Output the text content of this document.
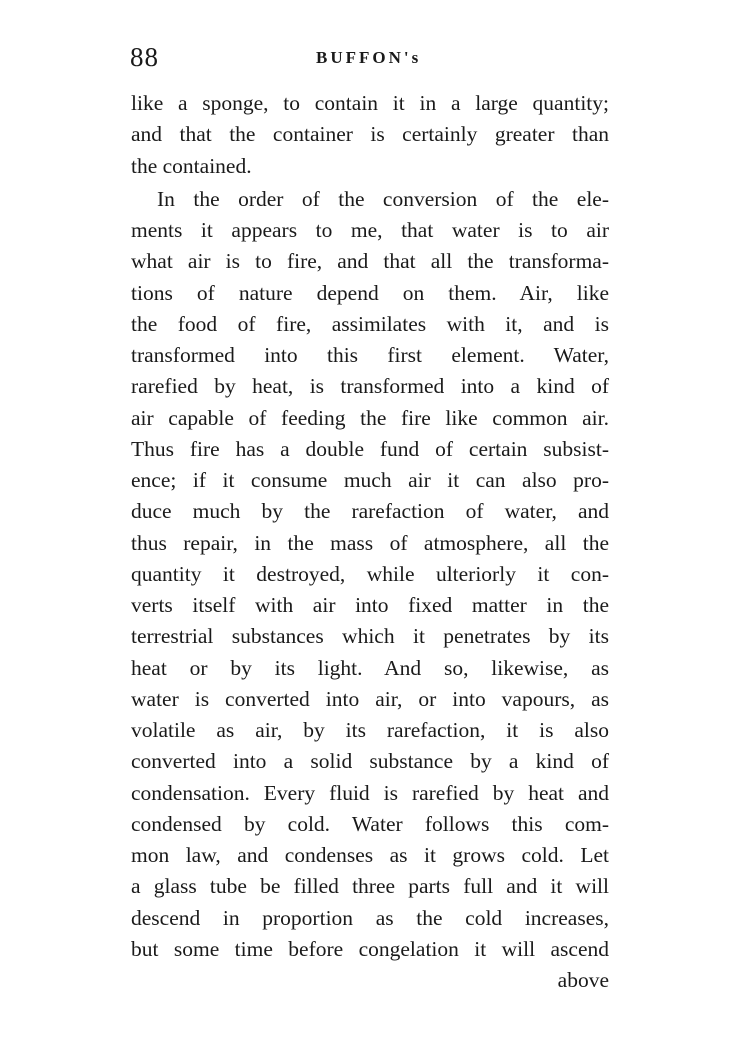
88	BUFFON's
like a sponge, to contain it in a large quantity;
and that the container is certainly greater than
the contained.
In the order of the conversion of the ele-
ments it appears to me, that water is to air
what air is to fire, and that all the transforma-
tions of nature depend on them. Air, like
the food of fire, assimilates with it, and is
transformed into this first element. Water,
rarefied by heat, is transformed into a kind of
air capable of feeding the fire like common air.
Thus fire has a double fund of certain subsist-
ence; if it consume much air it can also pro-
duce much by the rarefaction of water, and
thus repair, in the mass of atmosphere, all the
quantity it destroyed, while ulteriorly it con-
verts itself with air into fixed matter in the
terrestrial substances which it penetrates by its
heat or by its light. And so, likewise, as
water is converted into air, or into vapours, as
volatile as air, by its rarefaction, it is also
converted into a solid substance by a kind of
condensation. Every fluid is rarefied by heat and
condensed by cold. Water follows this com-
mon law, and condenses as it grows cold. Let
a glass tube be filled three parts full and it will
descend in proportion as the cold increases,
but some time before congelation it will ascend
above
